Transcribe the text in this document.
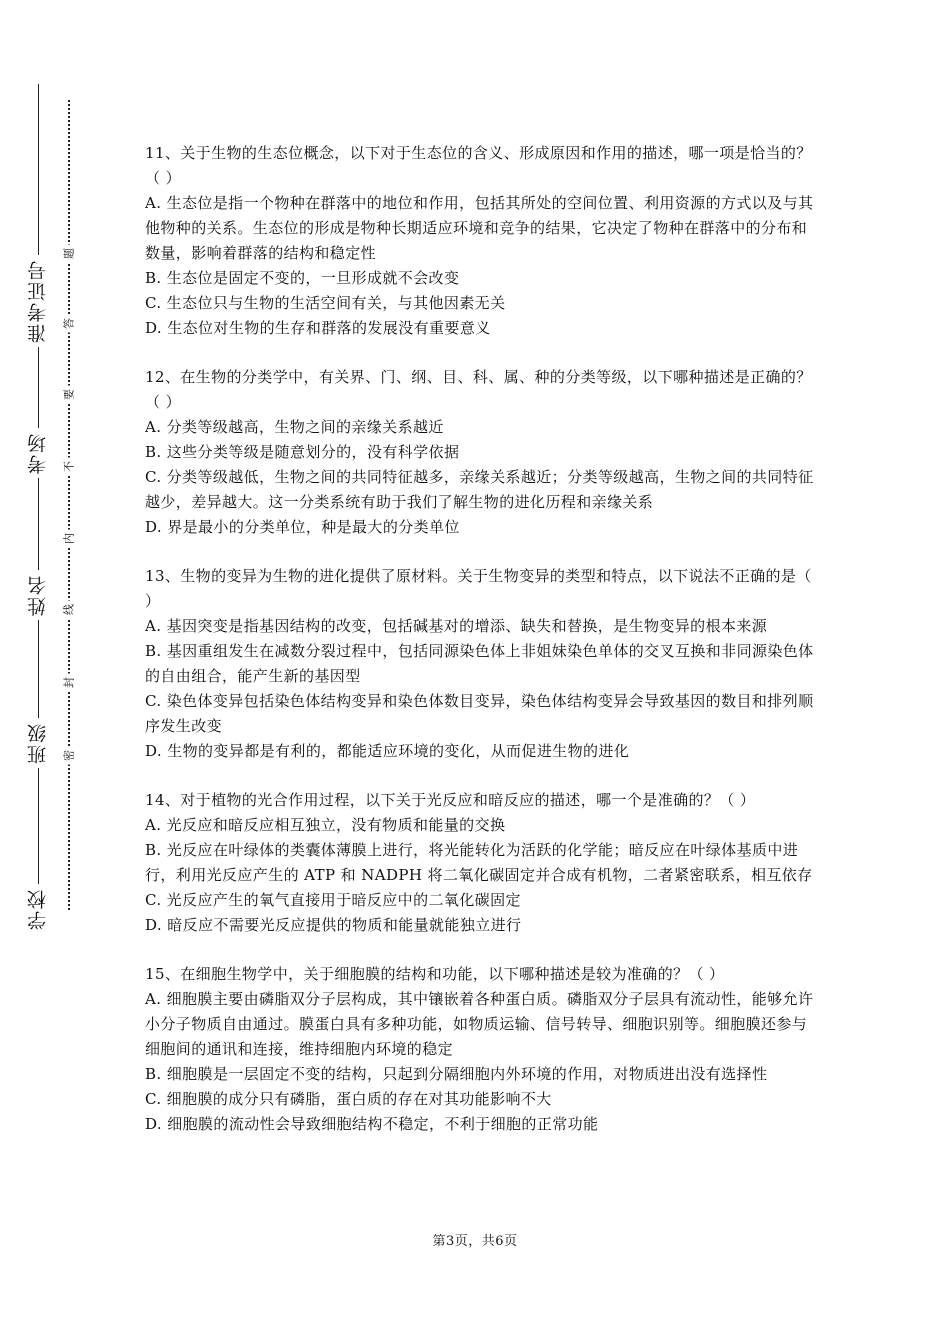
准考证号
考场
姓名
班级
学校
题
答
要
不
内
线
封
密

11、关于生物的生态位概念，以下对于生态位的含义、形成原因和作用的描述，哪一项是恰当的？（ ）

A. 生态位是指一个物种在群落中的地位和作用，包括其所处的空间位置、利用资源的方式以及与其他物种的关系。生态位的形成是物种长期适应环境和竞争的结果，它决定了物种在群落中的分布和数量，影响着群落的结构和稳定性

B. 生态位是固定不变的，一旦形成就不会改变

C. 生态位只与生物的生活空间有关，与其他因素无关

D. 生态位对生物的生存和群落的发展没有重要意义

12、在生物的分类学中，有关界、门、纲、目、科、属、种的分类等级，以下哪种描述是正确的？（ ）

A. 分类等级越高，生物之间的亲缘关系越近

B. 这些分类等级是随意划分的，没有科学依据

C. 分类等级越低，生物之间的共同特征越多，亲缘关系越近；分类等级越高，生物之间的共同特征越少，差异越大。这一分类系统有助于我们了解生物的进化历程和亲缘关系

D. 界是最小的分类单位，种是最大的分类单位

13、生物的变异为生物的进化提供了原材料。关于生物变异的类型和特点，以下说法不正确的是（ ）

A. 基因突变是指基因结构的改变，包括碱基对的增添、缺失和替换，是生物变异的根本来源

B. 基因重组发生在减数分裂过程中，包括同源染色体上非姐妹染色单体的交叉互换和非同源染色体的自由组合，能产生新的基因型

C. 染色体变异包括染色体结构变异和染色体数目变异，染色体结构变异会导致基因的数目和排列顺序发生改变

D. 生物的变异都是有利的，都能适应环境的变化，从而促进生物的进化

14、对于植物的光合作用过程，以下关于光反应和暗反应的描述，哪一个是准确的？（ ）

A. 光反应和暗反应相互独立，没有物质和能量的交换

B. 光反应在叶绿体的类囊体薄膜上进行，将光能转化为活跃的化学能；暗反应在叶绿体基质中进行，利用光反应产生的 ATP 和 NADPH 将二氧化碳固定并合成有机物，二者紧密联系，相互依存

C. 光反应产生的氧气直接用于暗反应中的二氧化碳固定

D. 暗反应不需要光反应提供的物质和能量就能独立进行

15、在细胞生物学中，关于细胞膜的结构和功能，以下哪种描述是较为准确的？（ ）

A. 细胞膜主要由磷脂双分子层构成，其中镶嵌着各种蛋白质。磷脂双分子层具有流动性，能够允许小分子物质自由通过。膜蛋白具有多种功能，如物质运输、信号转导、细胞识别等。细胞膜还参与细胞间的通讯和连接，维持细胞内环境的稳定

B. 细胞膜是一层固定不变的结构，只起到分隔细胞内外环境的作用，对物质进出没有选择性

C. 细胞膜的成分只有磷脂，蛋白质的存在对其功能影响不大

D. 细胞膜的流动性会导致细胞结构不稳定，不利于细胞的正常功能

第3页，共6页
